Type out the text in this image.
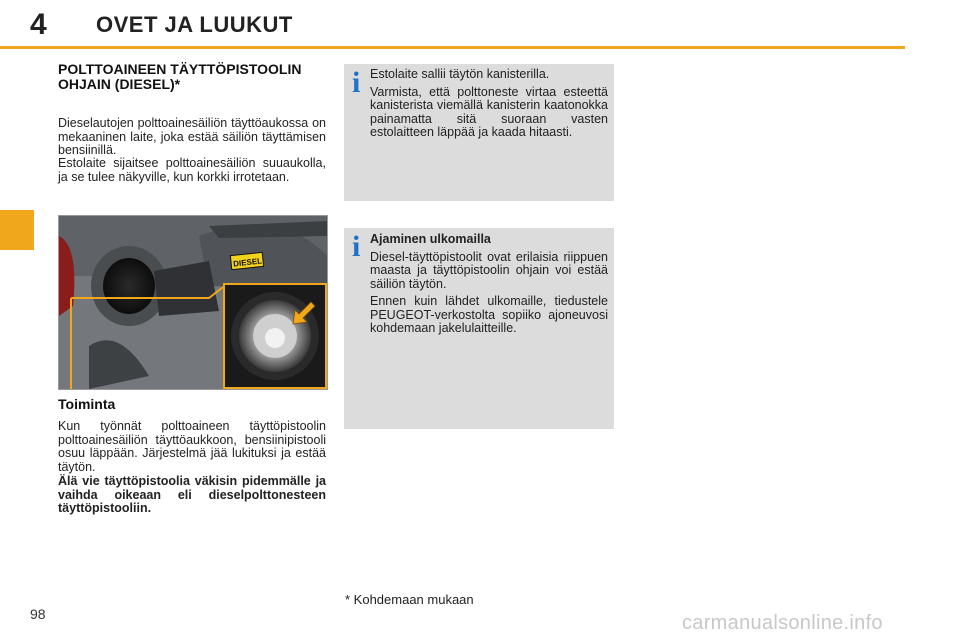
4 OVET JA LUUKUT
POLTTOAINEEN TÄYTTÖPISTOOLIN OHJAIN (DIESEL)*
Dieselautojen polttoainesäiliön täyttöaukossa on mekaaninen laite, joka estää säiliön täyttämisen bensiinillä.
Estolaite sijaitsee polttoainesäiliön suuaukolla, ja se tulee näkyville, kun korkki irrotetaan.
DIESEL
Toiminta
Kun työnnät polttoaineen täyttöpistoolin polttoainesäiliön täyttöaukkoon, bensiinipistooli osuu läppään. Järjestelmä jää lukituksi ja estää täytön.
Älä vie täyttöpistoolia väkisin pidemmälle ja vaihda oikeaan eli dieselpolttonesteen täyttöpistooliin.
i Estolaite sallii täytön kanisterilla.

Varmista, että polttoneste virtaa esteettä kanisterista viemällä kanisterin kaatonokka painamatta sitä suoraan vasten estolaitteen läppää ja kaada hitaasti.

i Ajaminen ulkomailla

Diesel-täyttöpistoolit ovat erilaisia riippuen maasta ja täyttöpistoolin ohjain voi estää säiliön täytön.

Ennen kuin lähdet ulkomaille, tiedustele PEUGEOT-verkostolta sopiiko ajoneuvosi kohdemaan jakelulaitteille.

* Kohdemaan mukaan
98	carmanualsonline.info
